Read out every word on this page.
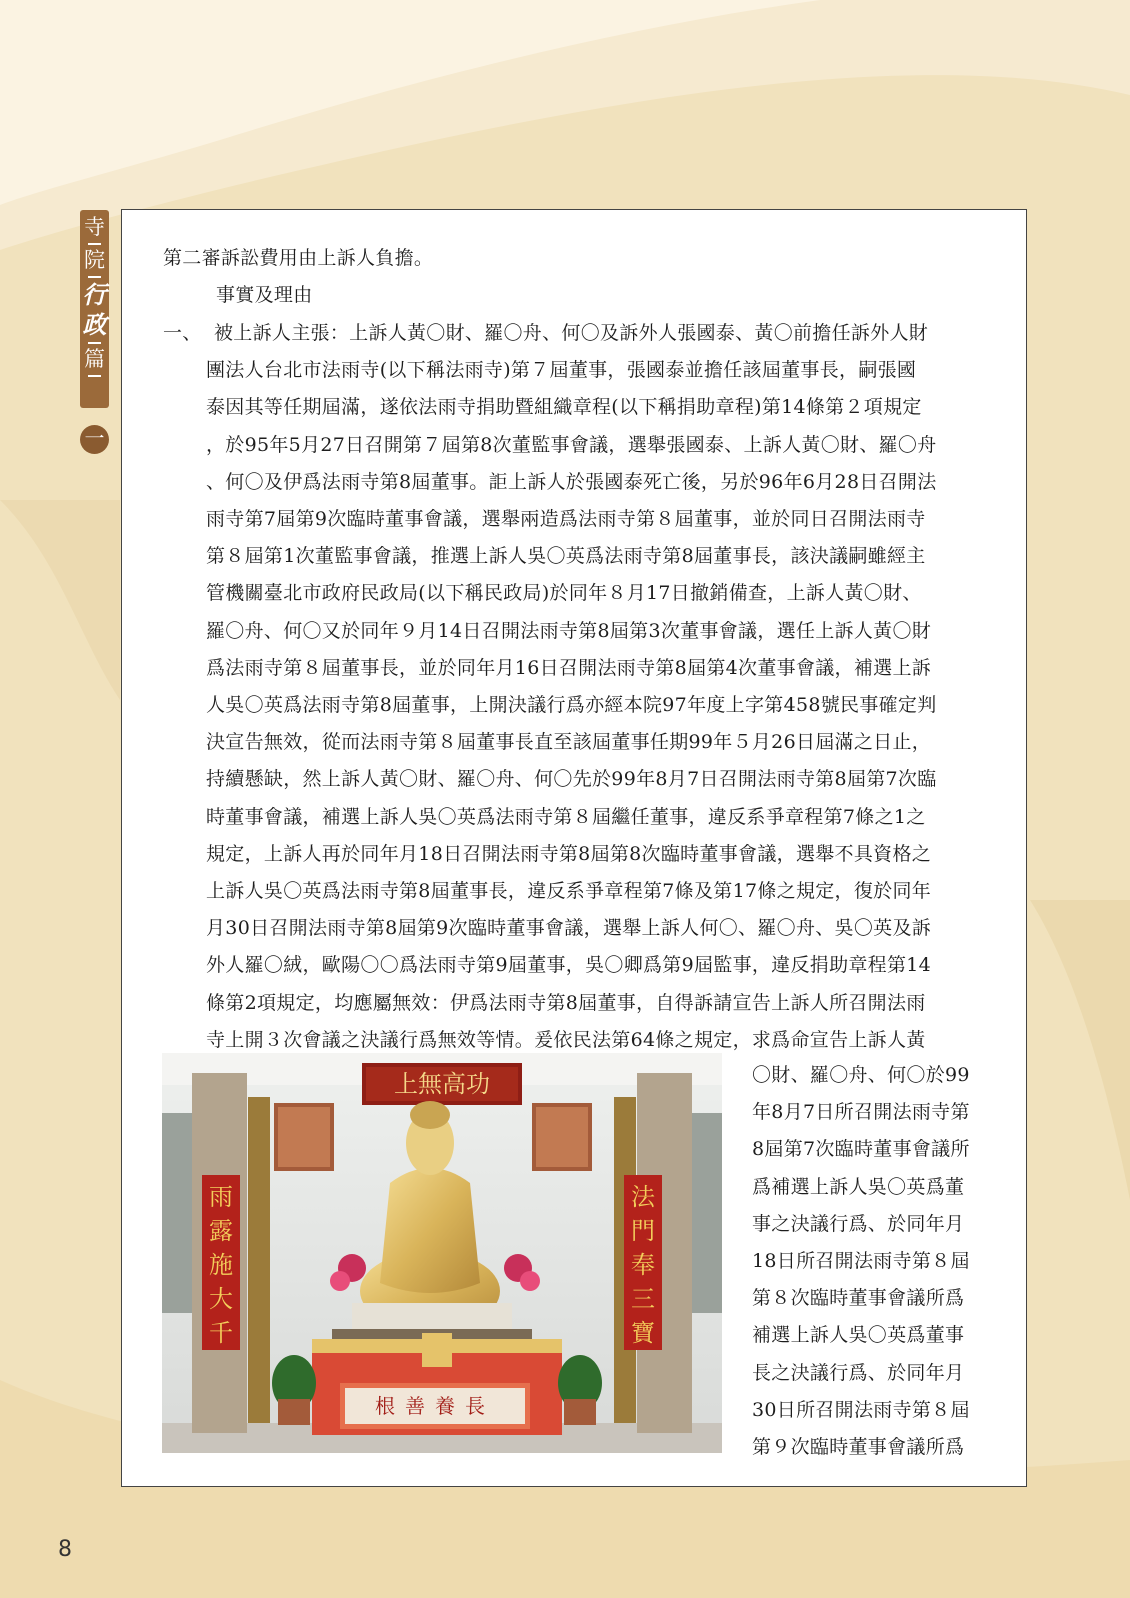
寺
院
行
政
篇
一
第二審訴訟費用由上訴人負擔。
事實及理由
一、 被上訴人主張：上訴人黃〇財、羅〇舟、何〇及訴外人張國泰、黃〇前擔任訴外人財
團法人台北市法雨寺(以下稱法雨寺)第７屆董事，張國泰並擔任該屆董事長，嗣張國
泰因其等任期屆滿，遂依法雨寺捐助暨組織章程(以下稱捐助章程)第14條第２項規定
，於95年5月27日召開第７屆第8次董監事會議，選舉張國泰、上訴人黃〇財、羅〇舟
、何〇及伊爲法雨寺第8屆董事。詎上訴人於張國泰死亡後，另於96年6月28日召開法
雨寺第7屆第9次臨時董事會議，選舉兩造爲法雨寺第８屆董事，並於同日召開法雨寺
第８屆第1次董監事會議，推選上訴人吳〇英爲法雨寺第8屆董事長，該決議嗣雖經主
管機關臺北市政府民政局(以下稱民政局)於同年８月17日撤銷備查，上訴人黃〇財、
羅〇舟、何〇又於同年９月14日召開法雨寺第8屆第3次董事會議，選任上訴人黃〇財
爲法雨寺第８屆董事長，並於同年月16日召開法雨寺第8屆第4次董事會議，補選上訴
人吳〇英爲法雨寺第8屆董事，上開決議行爲亦經本院97年度上字第458號民事確定判
決宣告無效，從而法雨寺第８屆董事長直至該屆董事任期99年５月26日屆滿之日止，
持續懸缺，然上訴人黃〇財、羅〇舟、何〇先於99年8月7日召開法雨寺第8屆第7次臨
時董事會議，補選上訴人吳〇英爲法雨寺第８屆繼任董事，違反系爭章程第7條之1之
規定，上訴人再於同年月18日召開法雨寺第8屆第8次臨時董事會議，選舉不具資格之
上訴人吳〇英爲法雨寺第8屆董事長，違反系爭章程第7條及第17條之規定，復於同年
月30日召開法雨寺第8屆第9次臨時董事會議，選舉上訴人何〇、羅〇舟、吳〇英及訴
外人羅〇絨，歐陽〇〇爲法雨寺第9屆董事，吳〇卿爲第9屆監事，違反捐助章程第14
條第2項規定，均應屬無效：伊爲法雨寺第8屆董事，自得訴請宣告上訴人所召開法雨
寺上開３次會議之決議行爲無效等情。爰依民法第64條之規定，求爲命宣告上訴人黃
〇財、羅〇舟、何〇於99
年8月7日所召開法雨寺第
8屆第7次臨時董事會議所
爲補選上訴人吳〇英爲董
事之決議行爲、於同年月
18日所召開法雨寺第８屆
第８次臨時董事會議所爲
補選上訴人吳〇英爲董事
長之決議行爲、於同年月
30日所召開法雨寺第８屆
第９次臨時董事會議所爲
上無高功
雨露施大千
法門奉三寶
根善養長
8
